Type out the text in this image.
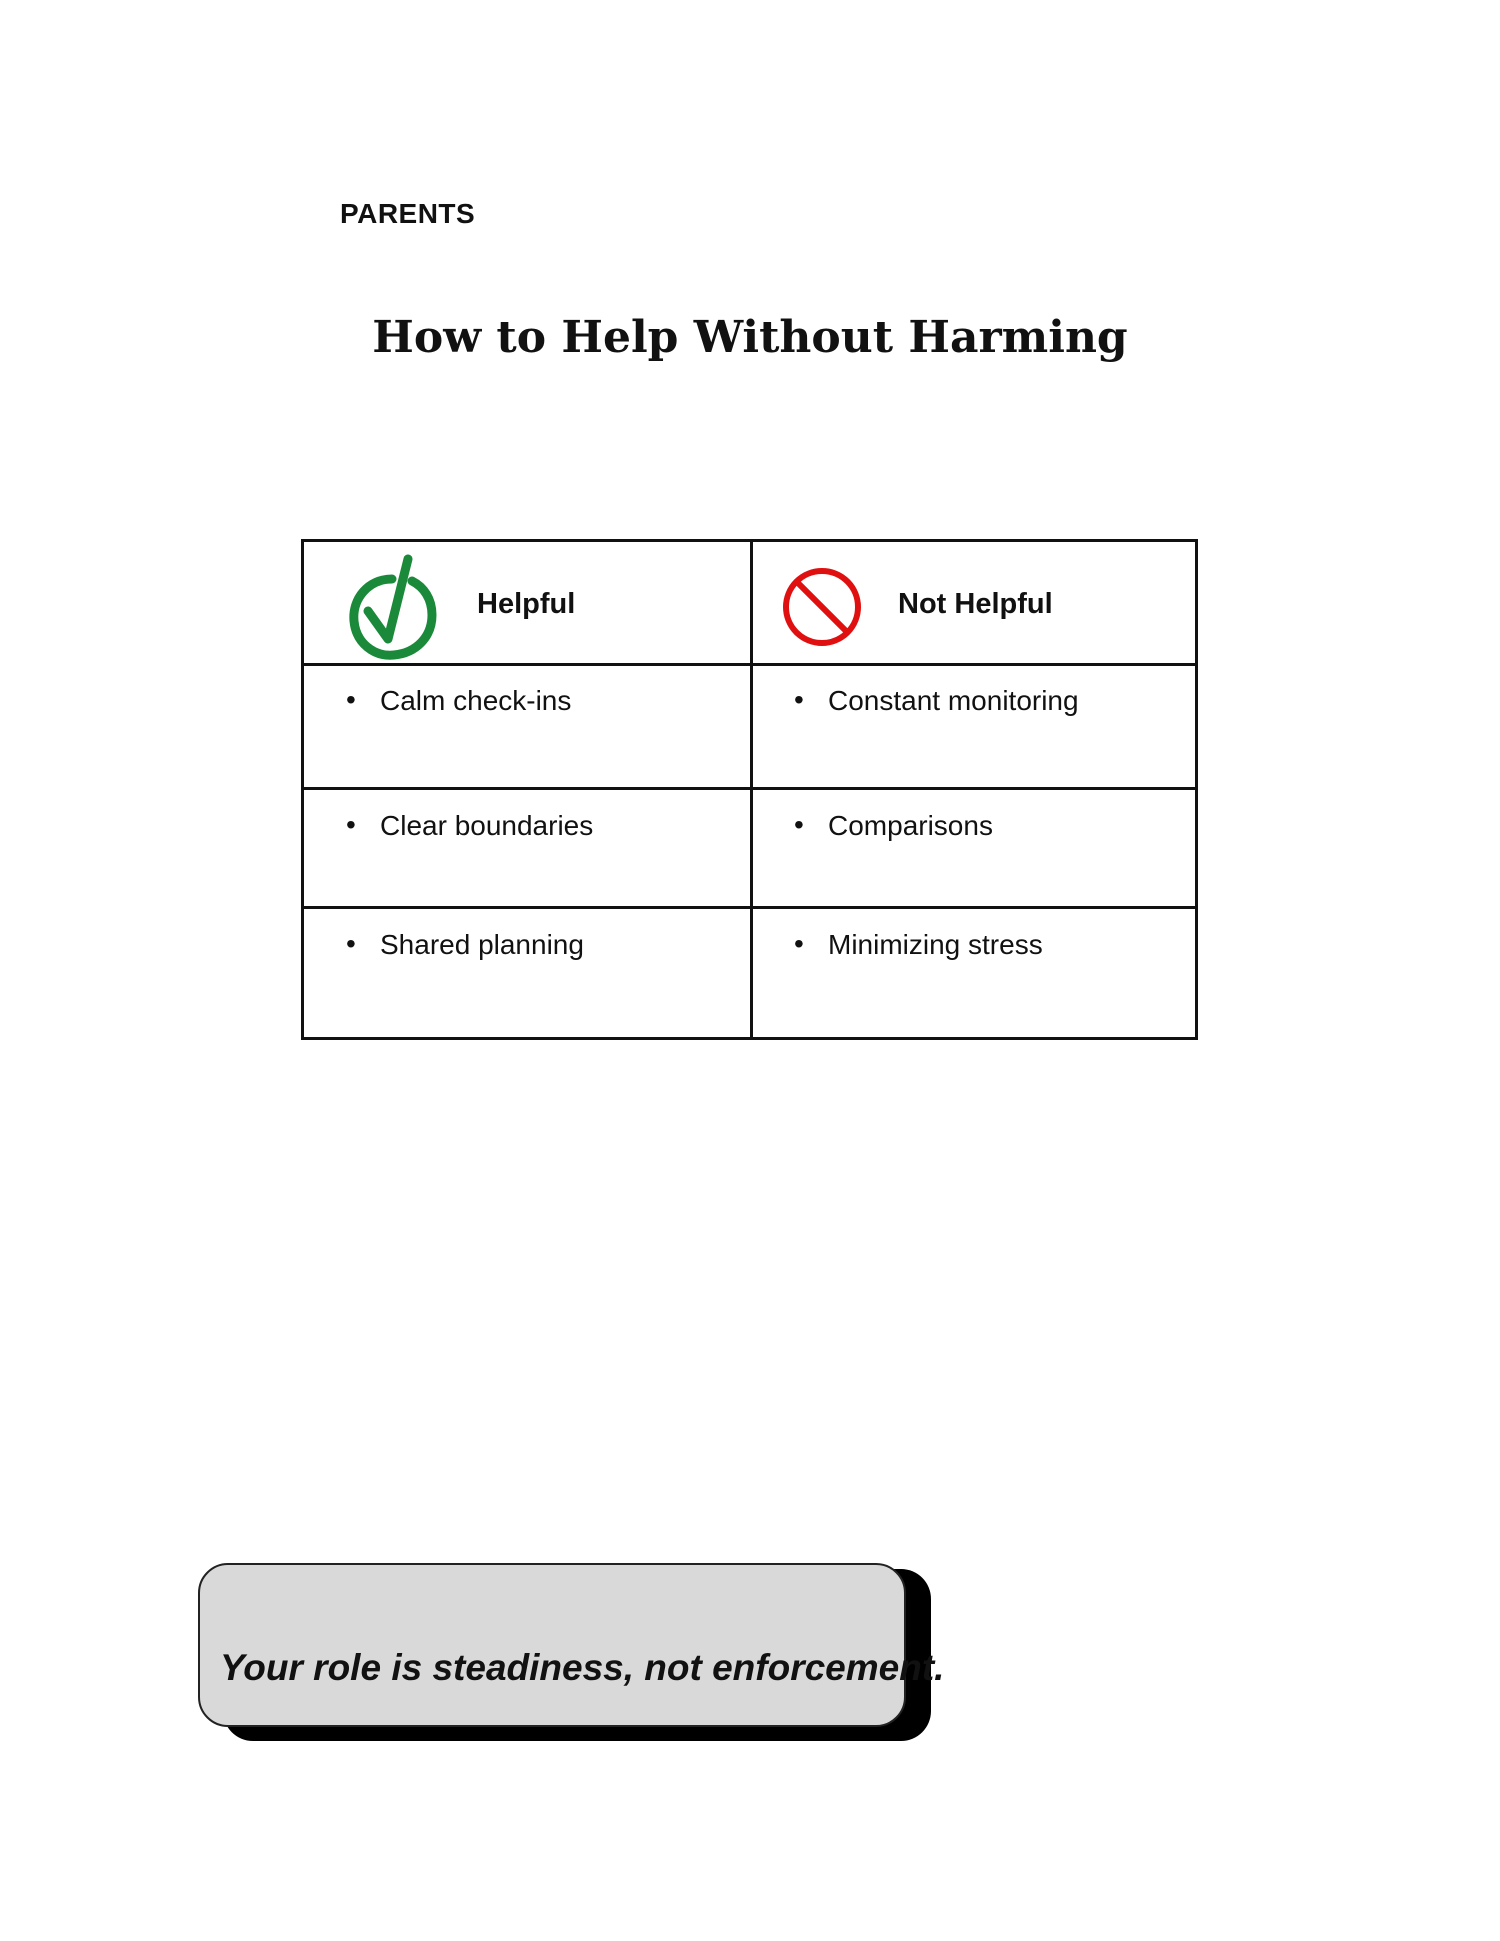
PARENTS
How to Help Without Harming
Helpful	Not Helpful
• Calm check-ins	• Constant monitoring
• Clear boundaries	• Comparisons
• Shared planning	• Minimizing stress
Your role is steadiness, not enforcement.
